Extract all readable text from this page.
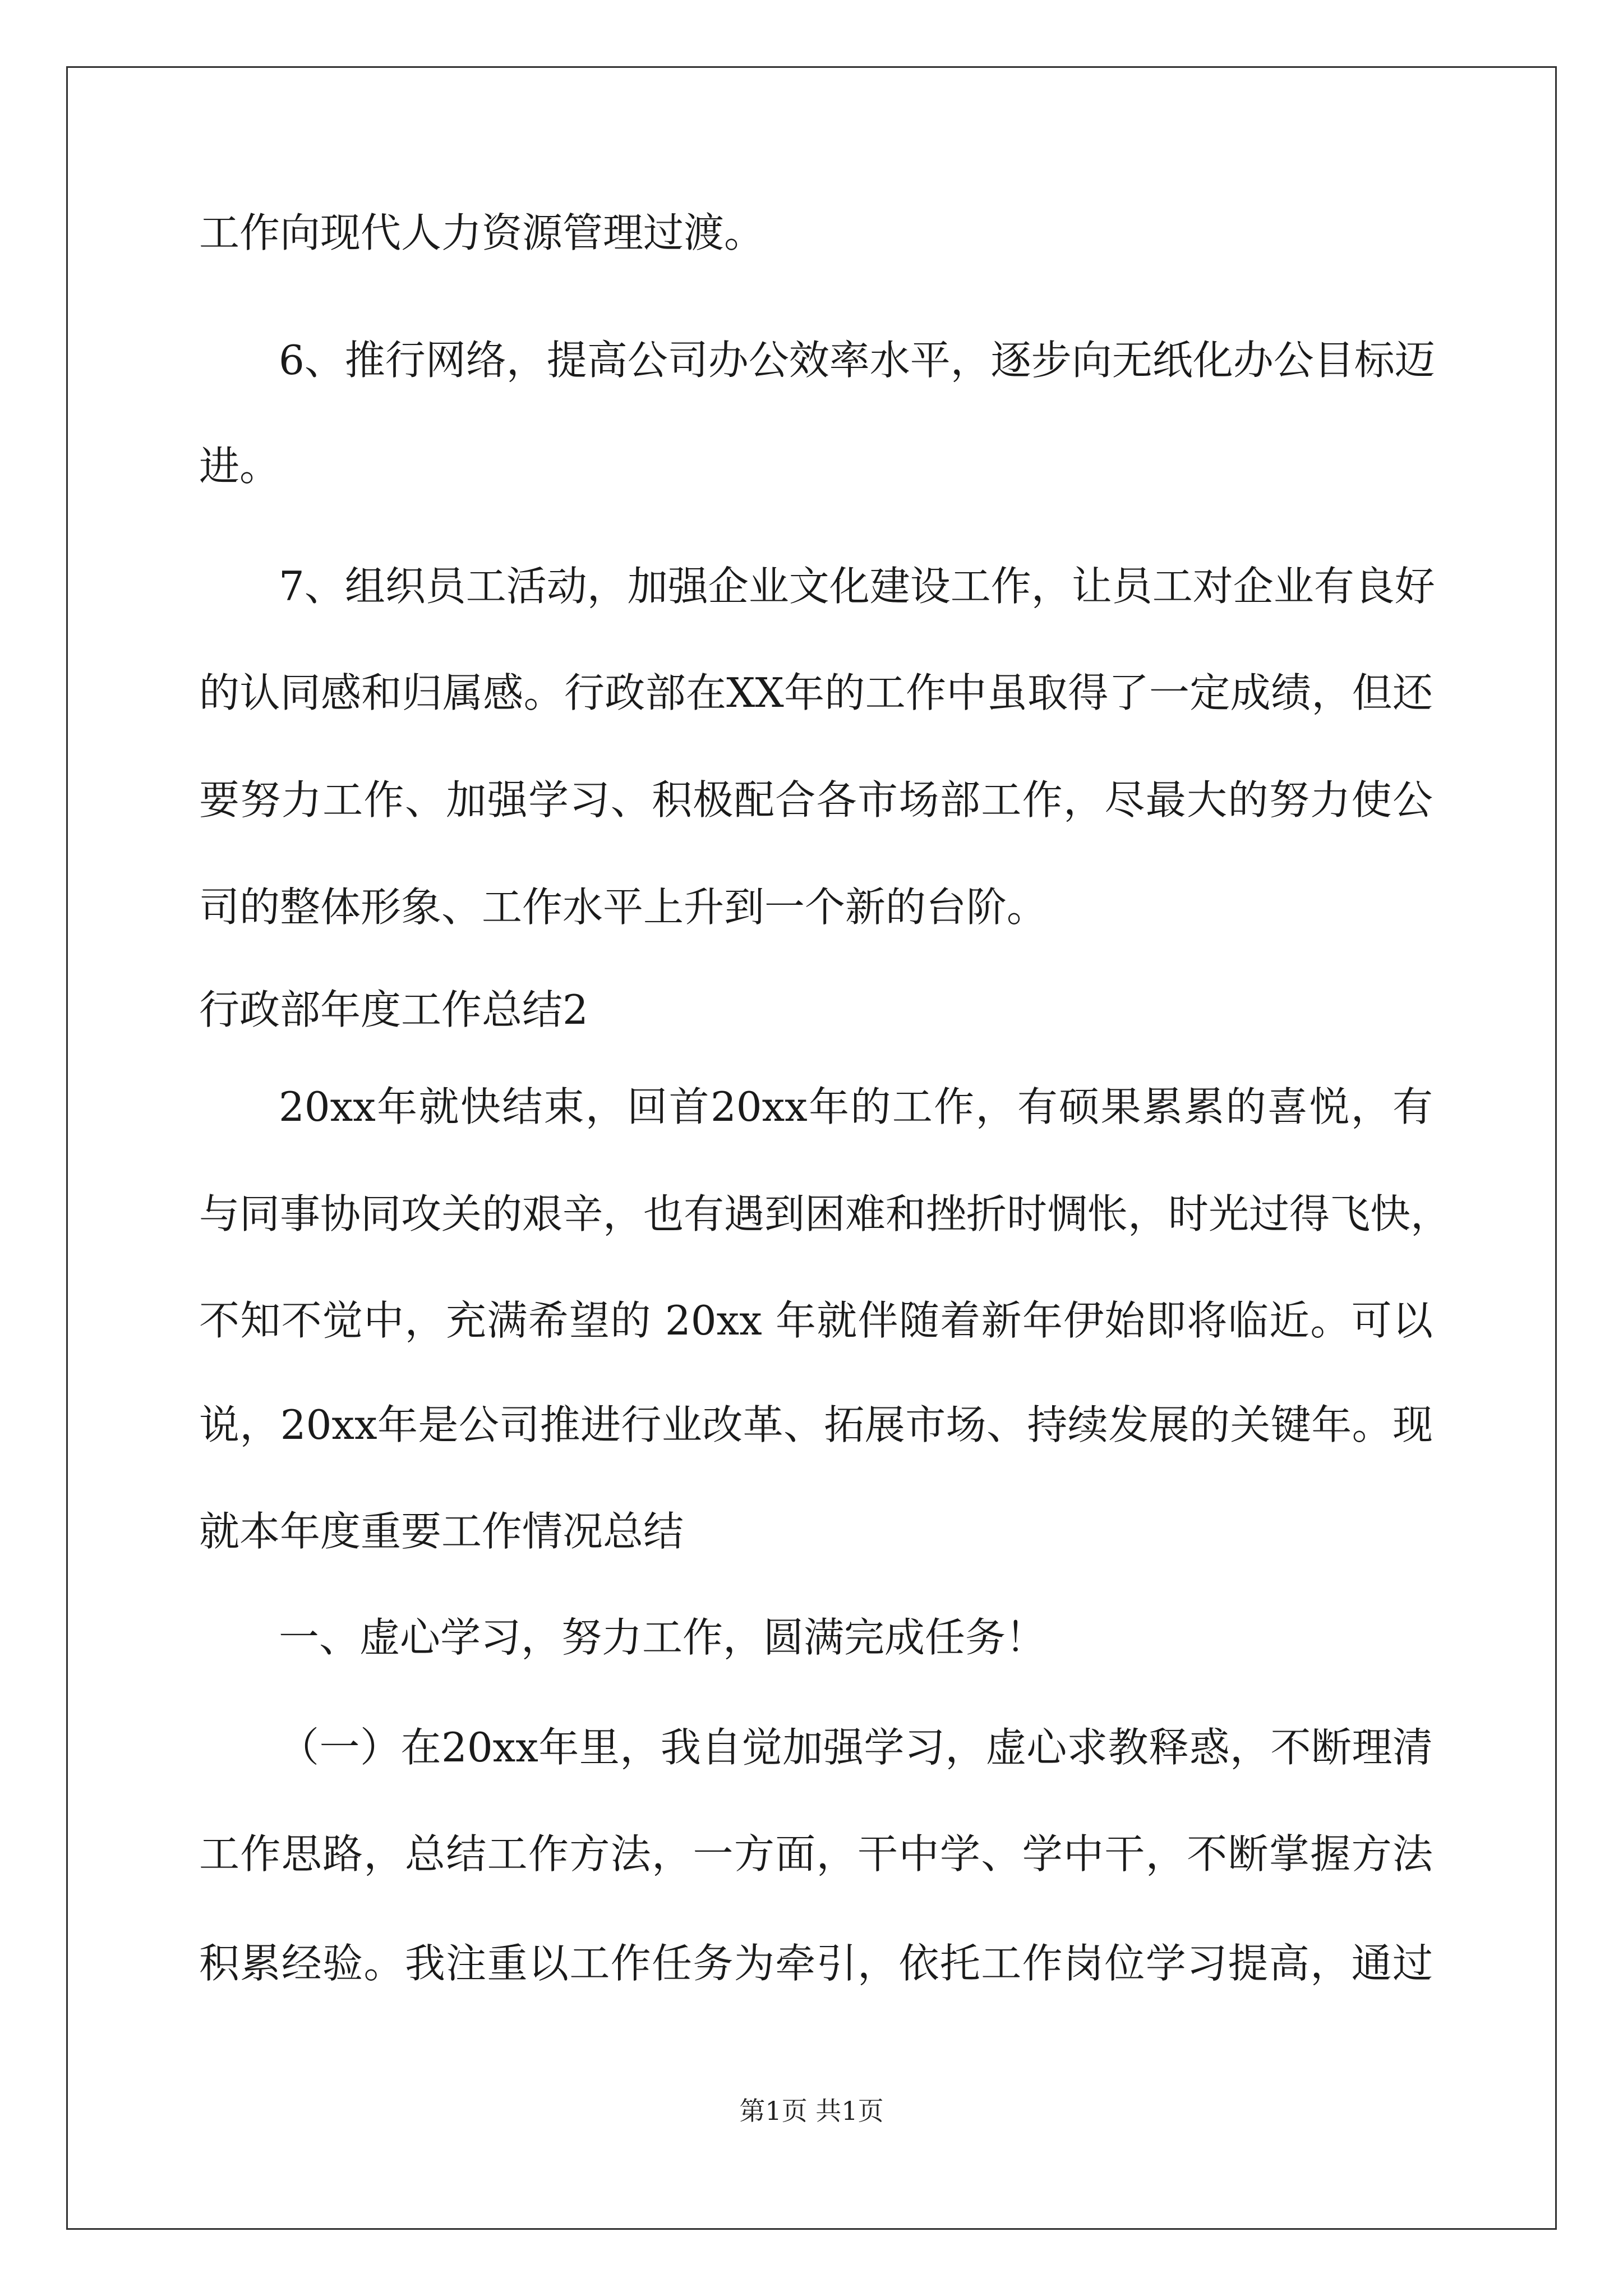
工作向现代人力资源管理过渡。
6、推行网络，提高公司办公效率水平，逐步向无纸化办公目标迈
进。
7、组织员工活动，加强企业文化建设工作，让员工对企业有良好
的认同感和归属感。行政部在XX年的工作中虽取得了一定成绩，但还
要努力工作、加强学习、积极配合各市场部工作，尽最大的努力使公
司的整体形象、工作水平上升到一个新的台阶。
行政部年度工作总结2
20xx年就快结束，回首20xx年的工作，有硕果累累的喜悦，有
与同事协同攻关的艰辛，也有遇到困难和挫折时惆怅，时光过得飞快，
不知不觉中，充满希望的 20xx 年就伴随着新年伊始即将临近。可以
说，20xx年是公司推进行业改革、拓展市场、持续发展的关键年。现
就本年度重要工作情况总结
一、虚心学习，努力工作，圆满完成任务！
（一）在20xx年里，我自觉加强学习，虚心求教释惑，不断理清
工作思路，总结工作方法，一方面，干中学、学中干，不断掌握方法
积累经验。我注重以工作任务为牵引，依托工作岗位学习提高，通过
第1页 共1页
